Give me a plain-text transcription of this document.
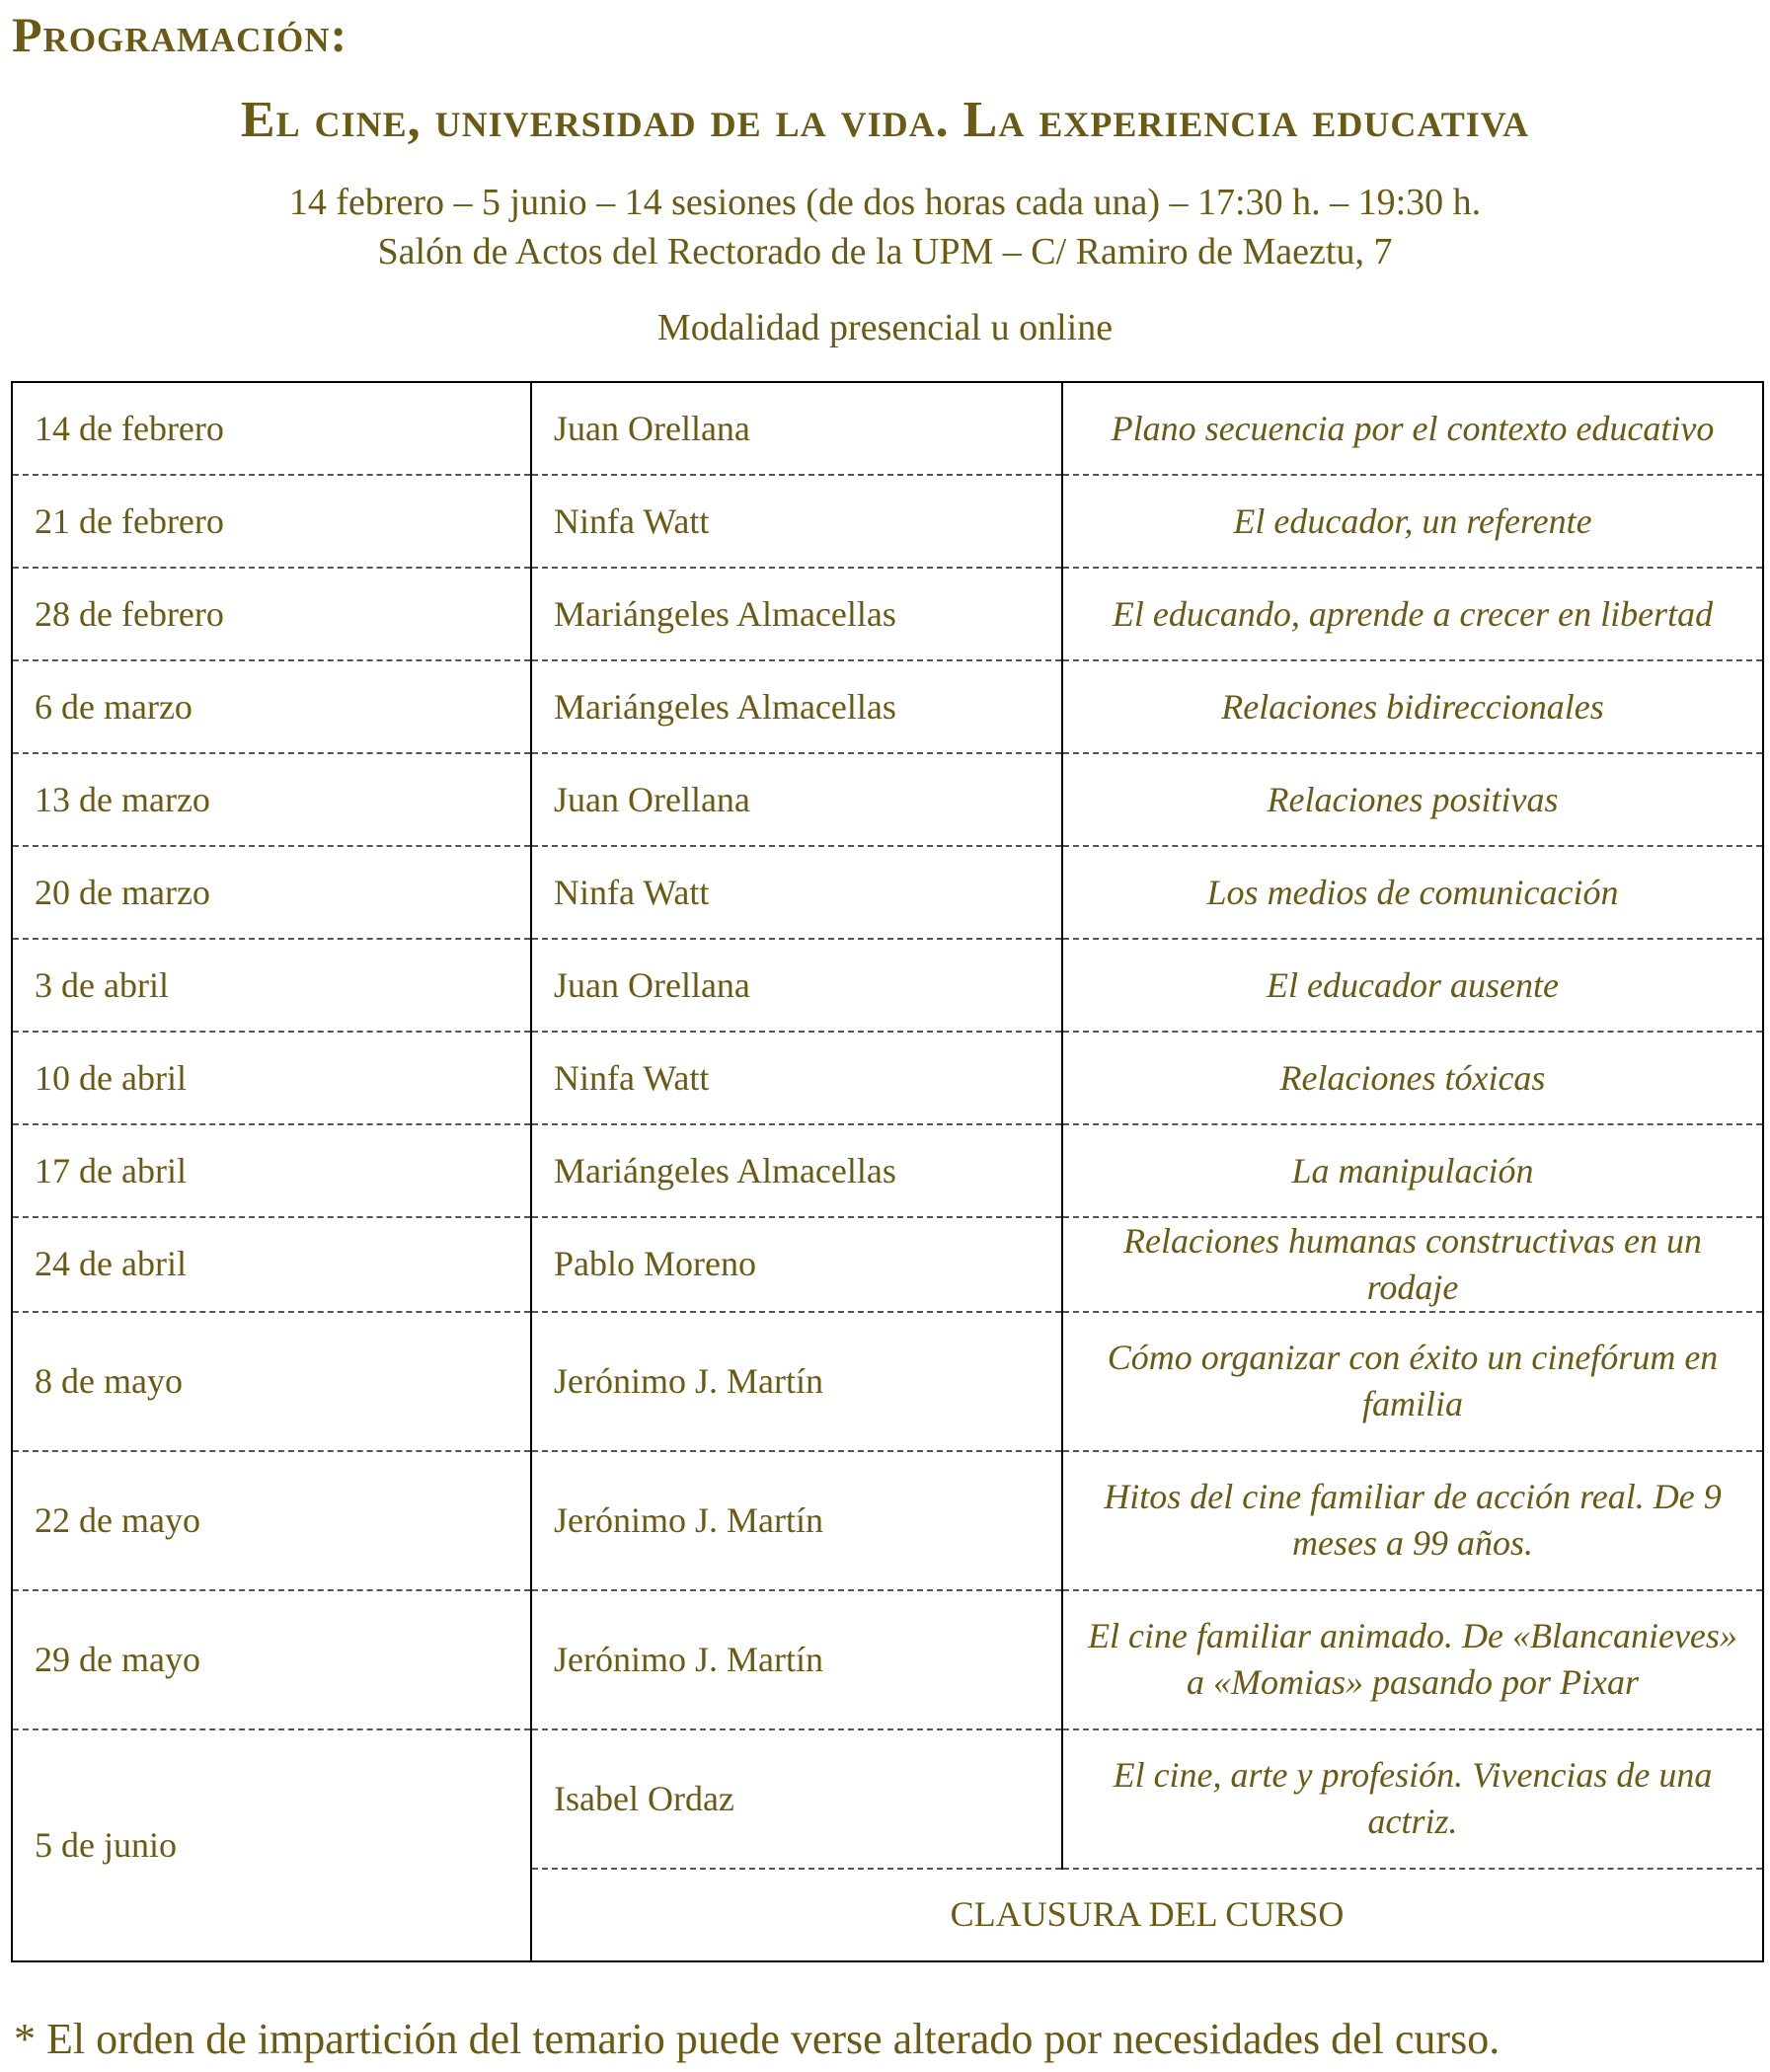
Programación:
El cine, universidad de la vida. La experiencia educativa
14 febrero – 5 junio – 14 sesiones (de dos horas cada una) – 17:30 h. – 19:30 h.
Salón de Actos del Rectorado de la UPM – C/ Ramiro de Maeztu, 7
Modalidad presencial u online
14 de febrero	Juan Orellana	Plano secuencia por el contexto educativo
21 de febrero	Ninfa Watt	El educador, un referente
28 de febrero	Mariángeles Almacellas	El educando, aprende a crecer en libertad
6 de marzo	Mariángeles Almacellas	Relaciones bidireccionales
13 de marzo	Juan Orellana	Relaciones positivas
20 de marzo	Ninfa Watt	Los medios de comunicación
3 de abril	Juan Orellana	El educador ausente
10 de abril	Ninfa Watt	Relaciones tóxicas
17 de abril	Mariángeles Almacellas	La manipulación
24 de abril	Pablo Moreno	Relaciones humanas constructivas en un rodaje
8 de mayo	Jerónimo J. Martín	Cómo organizar con éxito un cinefórum en familia
22 de mayo	Jerónimo J. Martín	Hitos del cine familiar de acción real. De 9 meses a 99 años.
29 de mayo	Jerónimo J. Martín	El cine familiar animado. De «Blancanieves» a «Momias» pasando por Pixar
5 de junio	Isabel Ordaz	El cine, arte y profesión. Vivencias de una actriz.
	CLAUSURA DEL CURSO	
* El orden de impartición del temario puede verse alterado por necesidades del curso.
